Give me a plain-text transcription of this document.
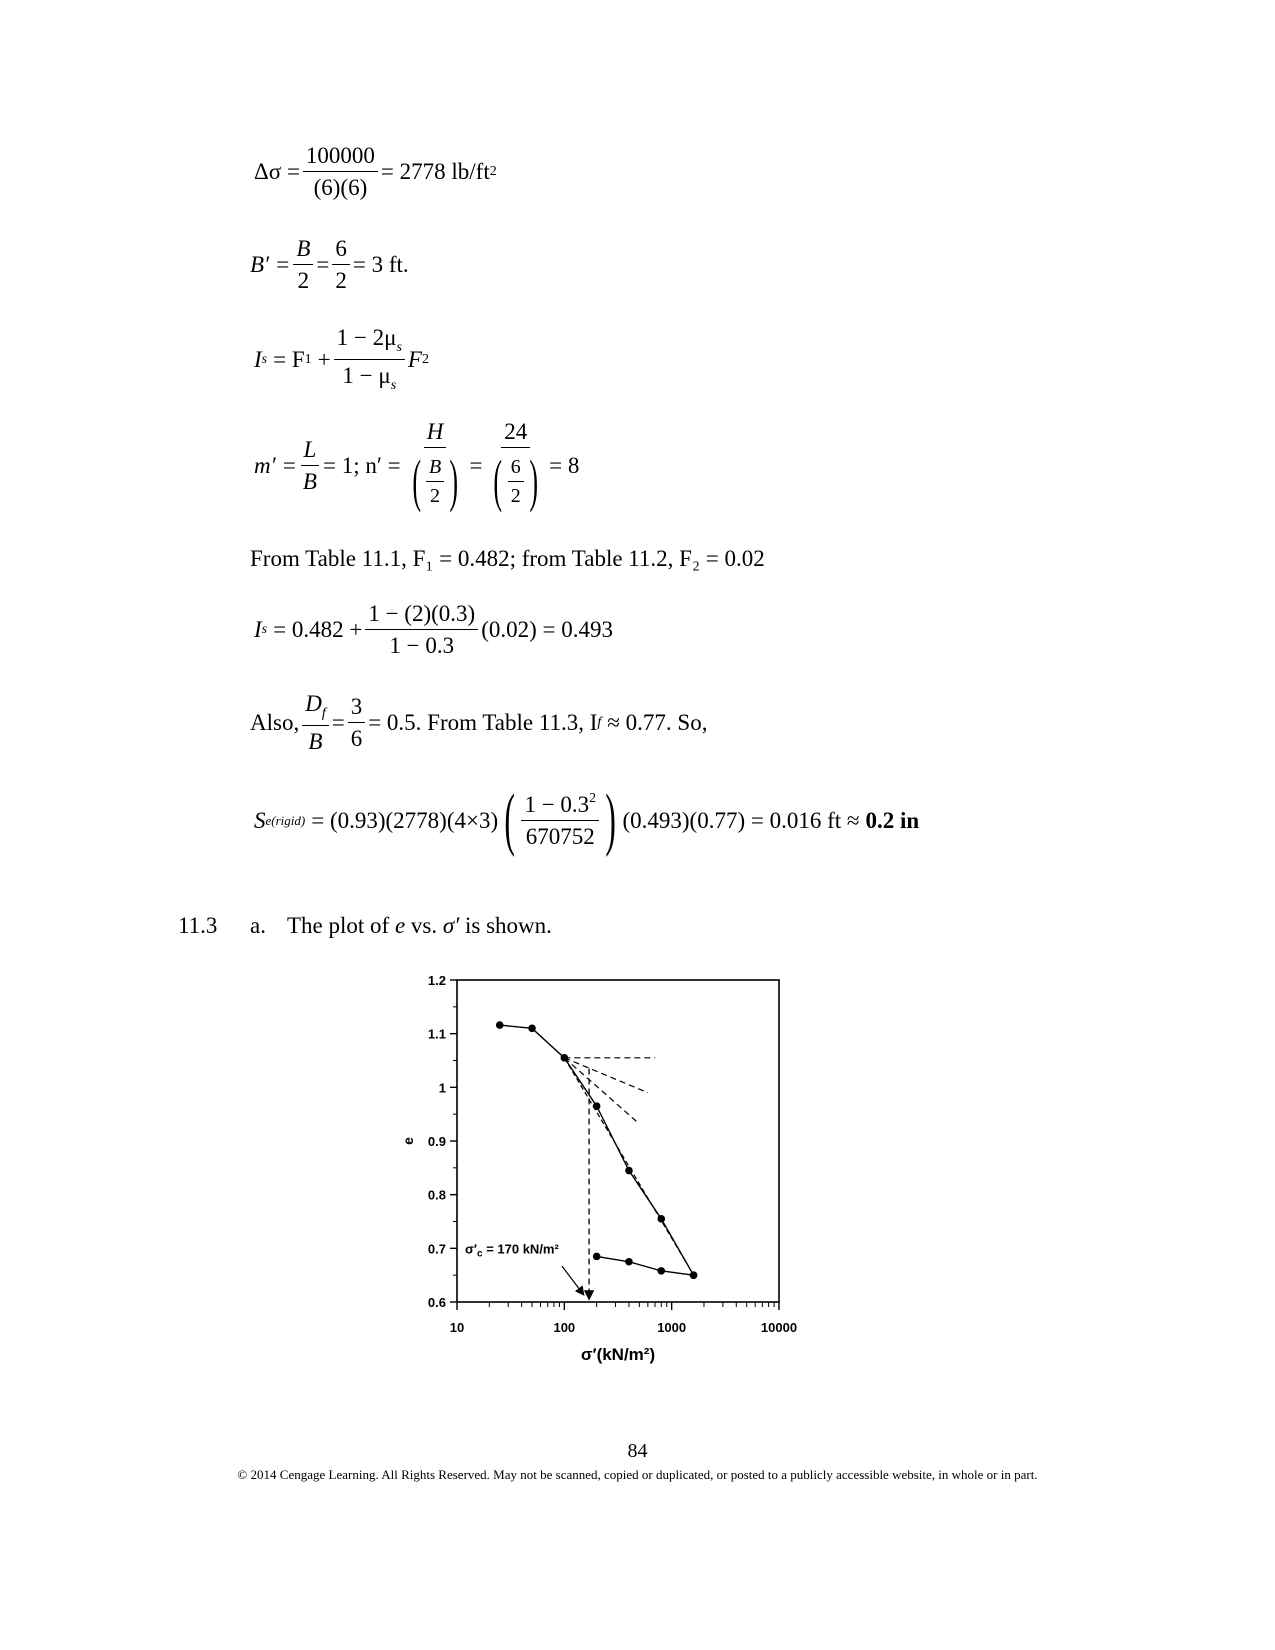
$\Delta\sigma = \frac{100000}{(6)(6)} = 2778$ lb/ft 2
$B' = \frac{B}{2} = \frac{6}{2} = 3$ ft.
I s = F $1 + \frac{1 - 2\mu_s}{1 - \mu_s}$ F 2
$m' = \frac{L}{B} = 1$; $n' = \frac{H}{( \frac{B}{2} )} = \frac{24}{( \frac{6}{2} )} = 8$
From Table 11.1, F₁ = 0.482; from Table 11.2, F₂ = 0.02
I $s = 0.482 + \frac{1 - (2)(0.3)}{1 - 0.3} (0.02) = 0.493$
Also, $\frac{D_f}{B} = \frac{3}{6} = 0.5$. From Table 11.3, I f ≈ 0.77. So,
S e(rigid) = (0.93)(2778)(4×3) ( $\frac{1 - 0.3^2}{670752}$ ) (0.493)(0.77) = 0.016 ft ≈ 0.2 in
11.3 a. The plot of e vs. σ′ is shown.
0.6
0.7
0.8
0.9
1
1.1
1.2
10	100	1000	10000
e
σ′(kN/m²)
$\sigma'_c = 170$ kN/m²
84
© 2014 Cengage Learning. All Rights Reserved. May not be scanned, copied or duplicated, or posted to a publicly accessible website, in whole or in part.
